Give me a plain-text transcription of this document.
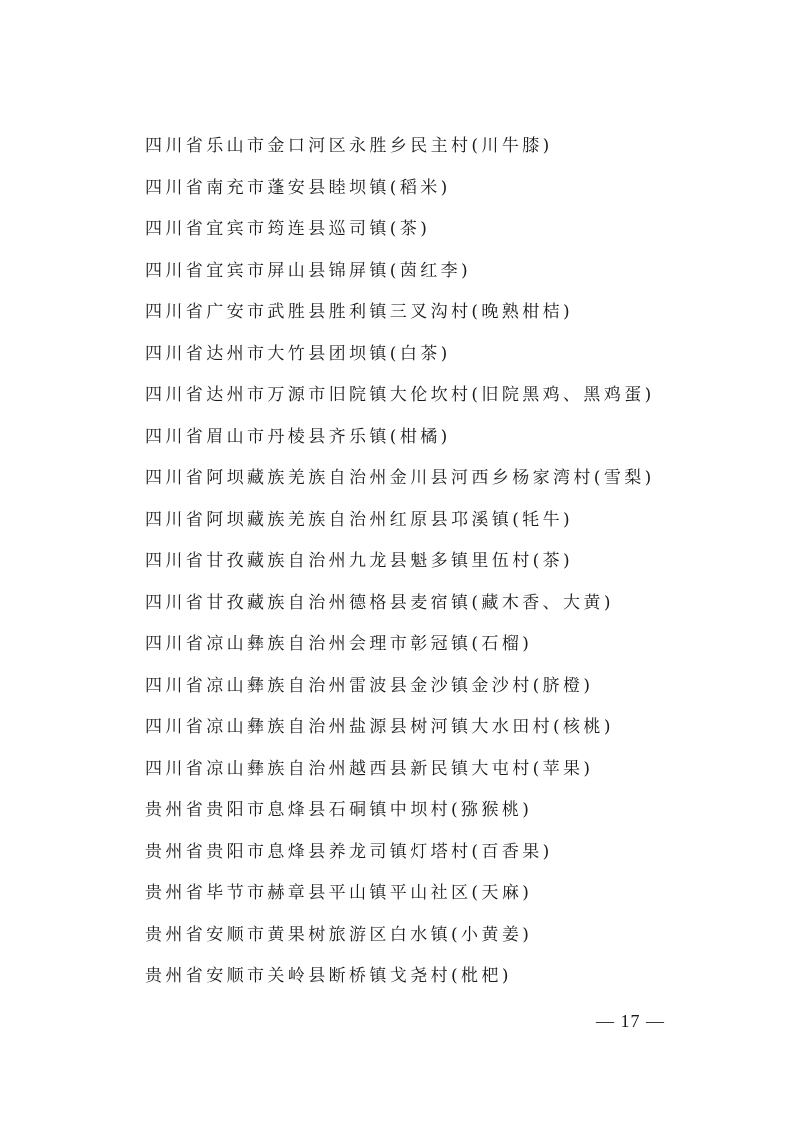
四川省乐山市金口河区永胜乡民主村(川牛膝)
四川省南充市蓬安县睦坝镇(稻米)
四川省宜宾市筠连县巡司镇(茶)
四川省宜宾市屏山县锦屏镇(茵红李)
四川省广安市武胜县胜利镇三叉沟村(晚熟柑桔)
四川省达州市大竹县团坝镇(白茶)
四川省达州市万源市旧院镇大伦坎村(旧院黑鸡、黑鸡蛋)
四川省眉山市丹棱县齐乐镇(柑橘)
四川省阿坝藏族羌族自治州金川县河西乡杨家湾村(雪梨)
四川省阿坝藏族羌族自治州红原县邛溪镇(牦牛)
四川省甘孜藏族自治州九龙县魁多镇里伍村(茶)
四川省甘孜藏族自治州德格县麦宿镇(藏木香、大黄)
四川省凉山彝族自治州会理市彰冠镇(石榴)
四川省凉山彝族自治州雷波县金沙镇金沙村(脐橙)
四川省凉山彝族自治州盐源县树河镇大水田村(核桃)
四川省凉山彝族自治州越西县新民镇大屯村(苹果)
贵州省贵阳市息烽县石硐镇中坝村(猕猴桃)
贵州省贵阳市息烽县养龙司镇灯塔村(百香果)
贵州省毕节市赫章县平山镇平山社区(天麻)
贵州省安顺市黄果树旅游区白水镇(小黄姜)
贵州省安顺市关岭县断桥镇戈尧村(枇杷)
— 17 —
